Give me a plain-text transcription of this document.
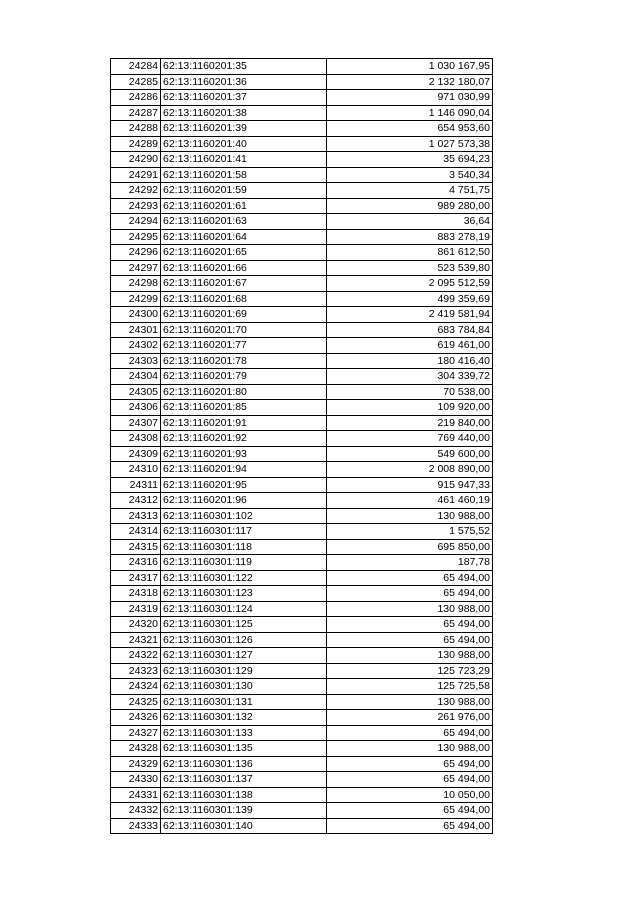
24284	62:13:1160201:35	1 030 167,95
24285	62:13:1160201:36	2 132 180,07
24286	62:13:1160201:37	971 030,99
24287	62:13:1160201:38	1 146 090,04
24288	62:13:1160201:39	654 953,60
24289	62:13:1160201:40	1 027 573,38
24290	62:13:1160201:41	35 694,23
24291	62:13:1160201:58	3 540,34
24292	62:13:1160201:59	4 751,75
24293	62:13:1160201:61	989 280,00
24294	62:13:1160201:63	36,64
24295	62:13:1160201:64	883 278,19
24296	62:13:1160201:65	861 612,50
24297	62:13:1160201:66	523 539,80
24298	62:13:1160201:67	2 095 512,59
24299	62:13:1160201:68	499 359,69
24300	62:13:1160201:69	2 419 581,94
24301	62:13:1160201:70	683 784,84
24302	62:13:1160201:77	619 461,00
24303	62:13:1160201:78	180 416,40
24304	62:13:1160201:79	304 339,72
24305	62:13:1160201:80	70 538,00
24306	62:13:1160201:85	109 920,00
24307	62:13:1160201:91	219 840,00
24308	62:13:1160201:92	769 440,00
24309	62:13:1160201:93	549 600,00
24310	62:13:1160201:94	2 008 890,00
24311	62:13:1160201:95	915 947,33
24312	62:13:1160201:96	461 460,19
24313	62:13:1160301:102	130 988,00
24314	62:13:1160301:117	1 575,52
24315	62:13:1160301:118	695 850,00
24316	62:13:1160301:119	187,78
24317	62:13:1160301:122	65 494,00
24318	62:13:1160301:123	65 494,00
24319	62:13:1160301:124	130 988,00
24320	62:13:1160301:125	65 494,00
24321	62:13:1160301:126	65 494,00
24322	62:13:1160301:127	130 988,00
24323	62:13:1160301:129	125 723,29
24324	62:13:1160301:130	125 725,58
24325	62:13:1160301:131	130 988,00
24326	62:13:1160301:132	261 976,00
24327	62:13:1160301:133	65 494,00
24328	62:13:1160301:135	130 988,00
24329	62:13:1160301:136	65 494,00
24330	62:13:1160301:137	65 494,00
24331	62:13:1160301:138	10 050,00
24332	62:13:1160301:139	65 494,00
24333	62:13:1160301:140	65 494,00
